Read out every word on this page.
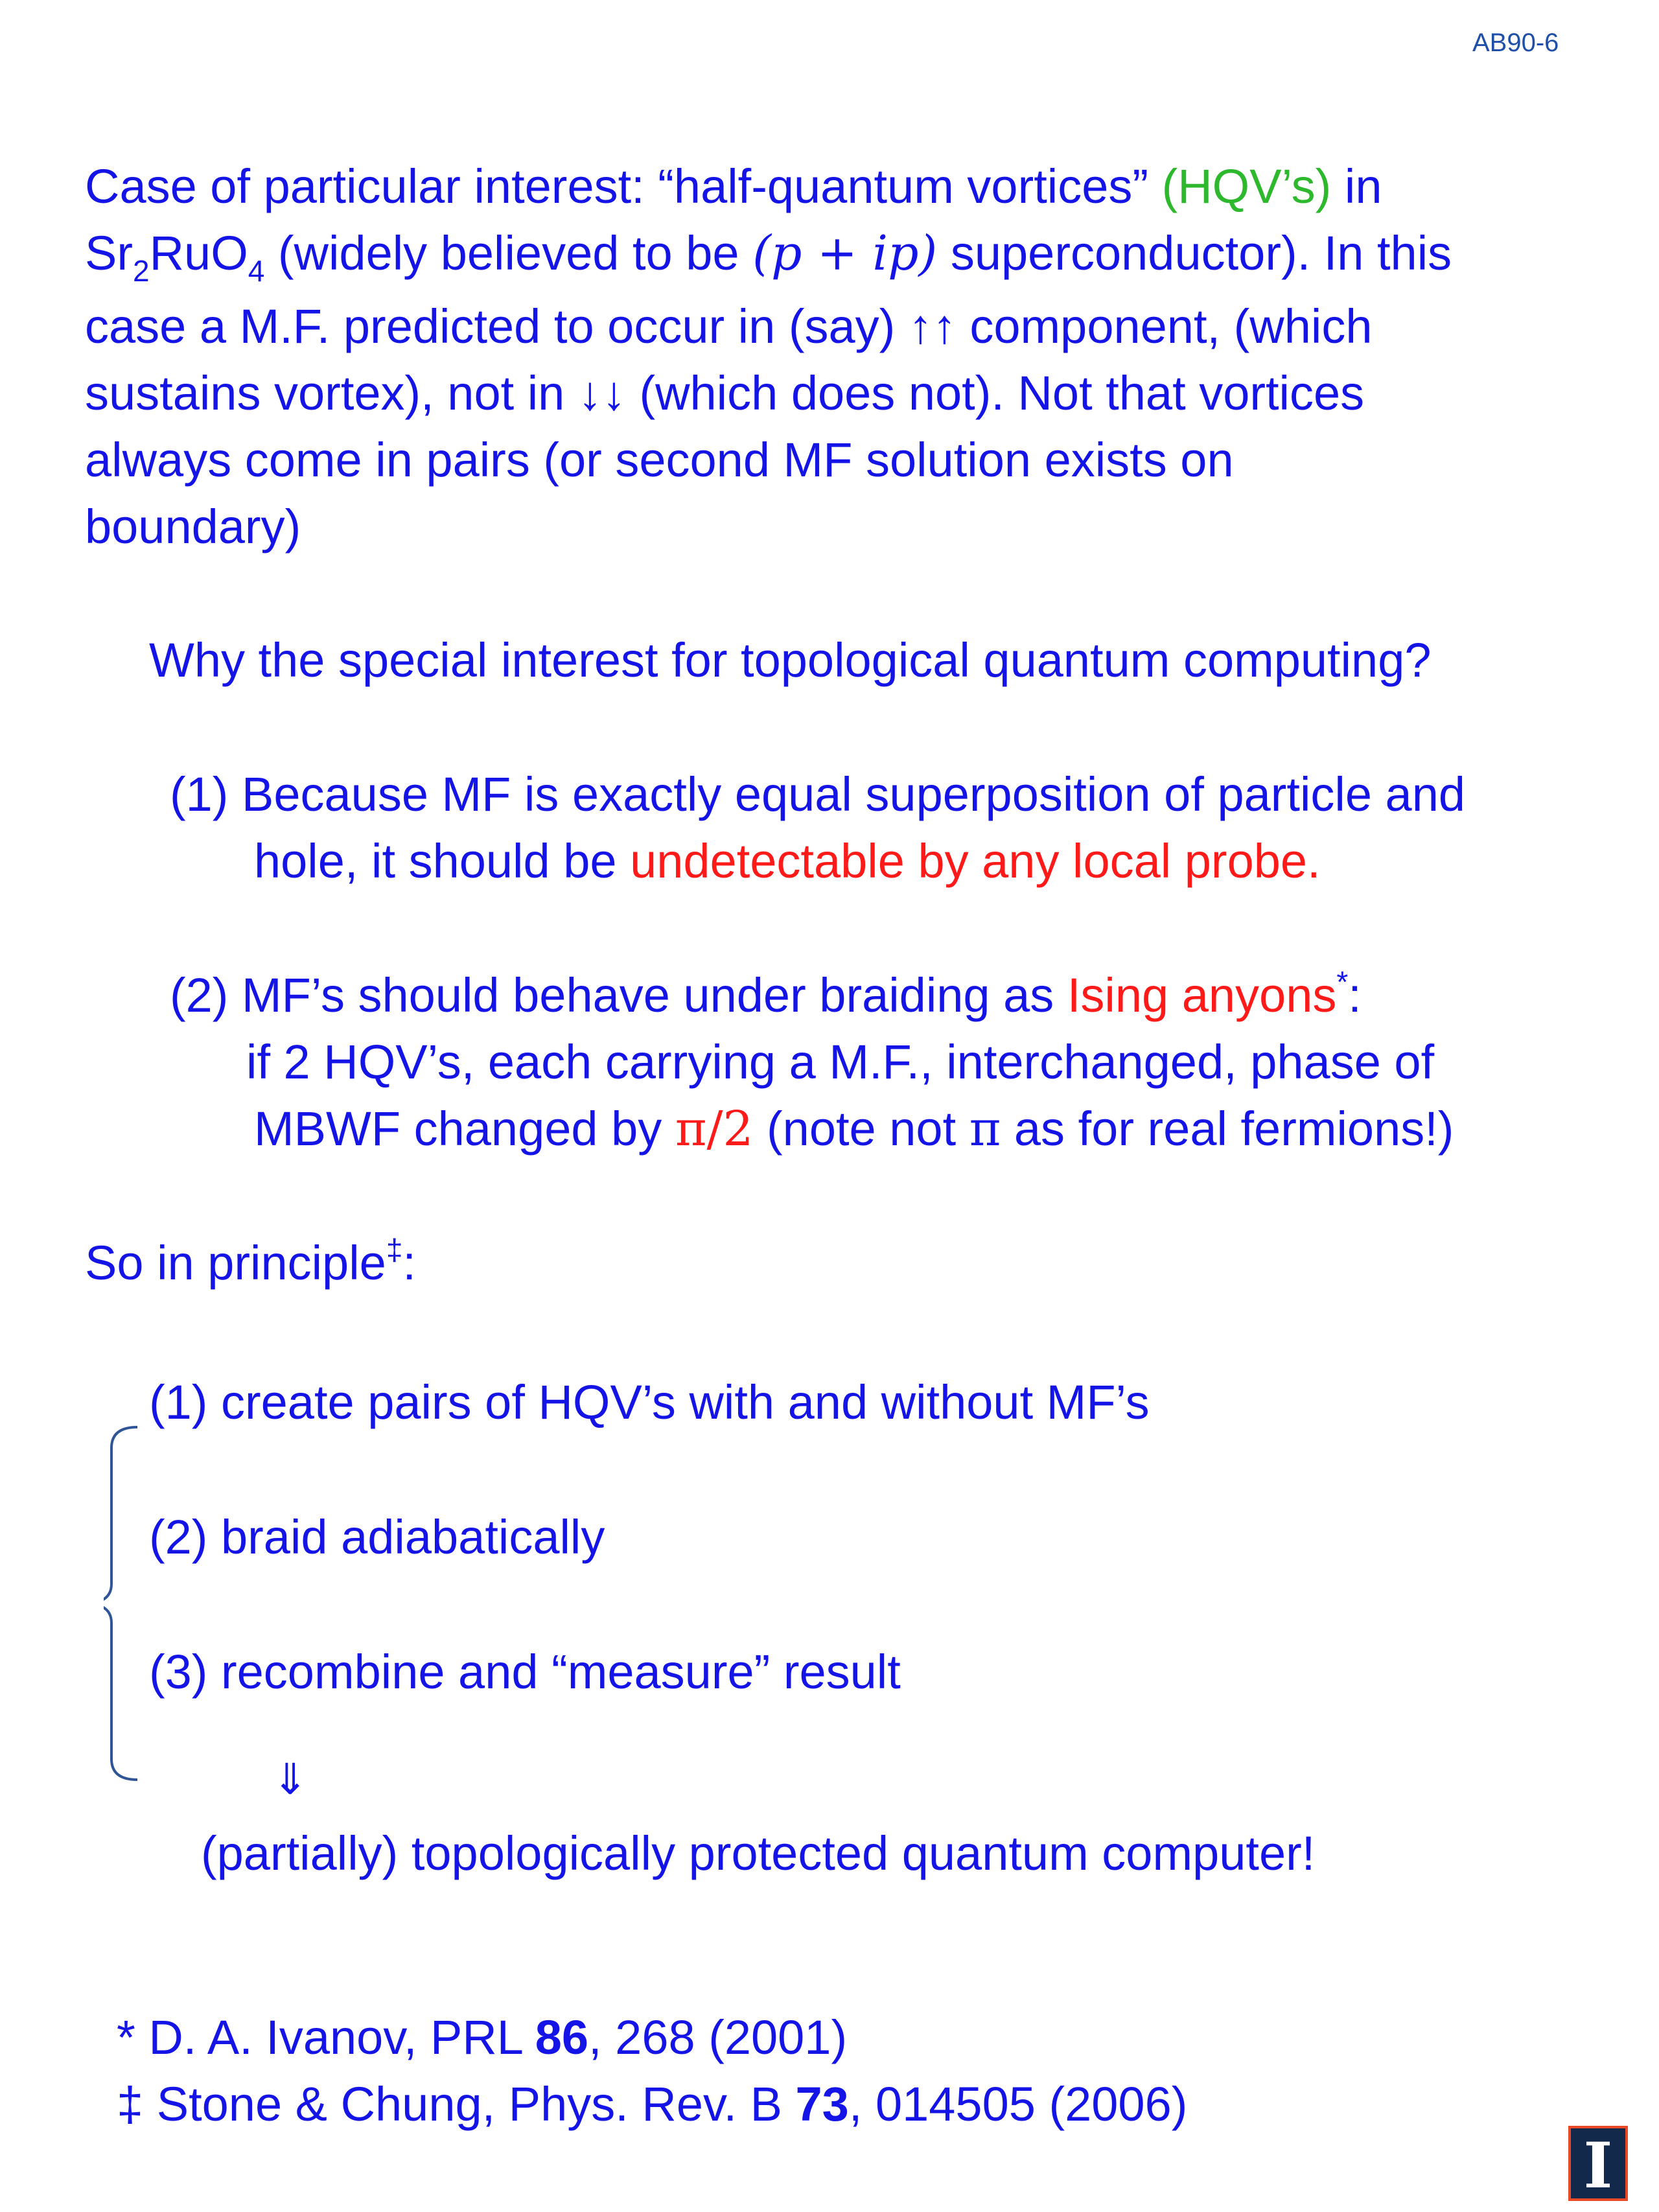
AB90-6
Case of particular interest: “half-quantum vortices” (HQV’s) in
$Sr_2RuO_4$ (widely believed to be (p + ip) superconductor). In this
case a M.F. predicted to occur in (say) ↑↑ component, (which
sustains vortex), not in ↓↓ (which does not). Not that vortices
always come in pairs (or second MF solution exists on
boundary)
Why the special interest for topological quantum computing?
(1) Because MF is exactly equal superposition of particle and
hole, it should be undetectable by any local probe.
(2) MF’s should behave under braiding as Ising anyons*:
if 2 HQV’s, each carrying a M.F., interchanged, phase of
MBWF changed by π/2 (note not π as for real fermions!)
So in principle‡:
(1) create pairs of HQV’s with and without MF’s
(2) braid adiabatically
(3) recombine and “measure” result
⇓
(partially) topologically protected quantum computer!
* D. A. Ivanov, PRL 86, 268 (2001)
‡ Stone & Chung, Phys. Rev. B 73, 014505 (2006)
I
